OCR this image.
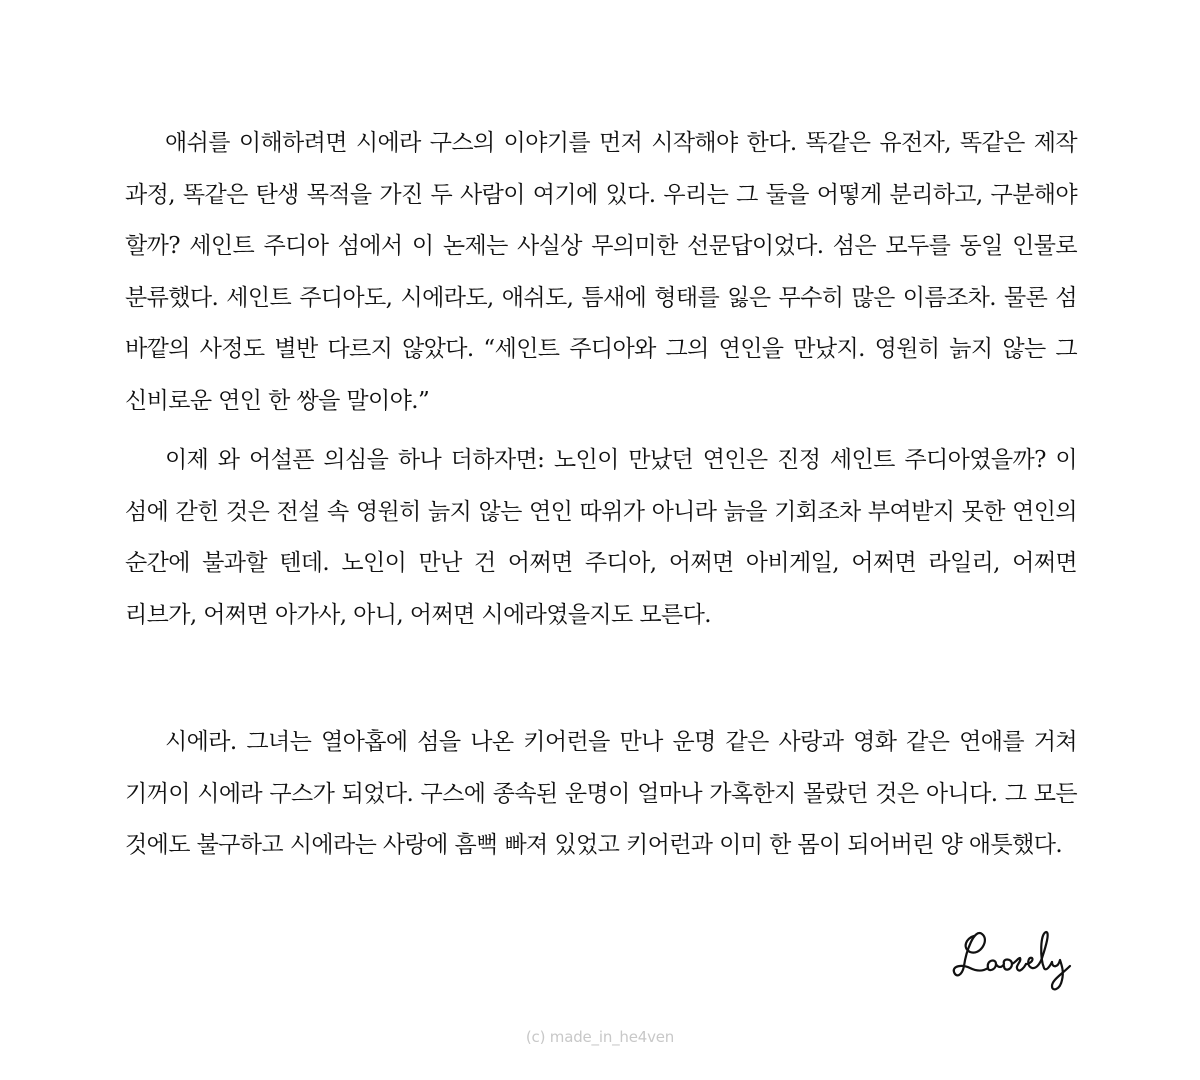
애쉬를 이해하려면 시에라 구스의 이야기를 먼저 시작해야 한다. 똑같은 유전자, 똑같은 제작 과정, 똑같은 탄생 목적을 가진 두 사람이 여기에 있다. 우리는 그 둘을 어떻게 분리하고, 구분해야 할까? 세인트 주디아 섬에서 이 논제는 사실상 무의미한 선문답이었다. 섬은 모두를 동일 인물로 분류했다. 세인트 주디아도, 시에라도, 애쉬도, 틈새에 형태를 잃은 무수히 많은 이름조차. 물론 섬 바깥의 사정도 별반 다르지 않았다. “세인트 주디아와 그의 연인을 만났지. 영원히 늙지 않는 그 신비로운 연인 한 쌍을 말이야.”

이제 와 어설픈 의심을 하나 더하자면: 노인이 만났던 연인은 진정 세인트 주디아였을까? 이 섬에 갇힌 것은 전설 속 영원히 늙지 않는 연인 따위가 아니라 늙을 기회조차 부여받지 못한 연인의 순간에 불과할 텐데. 노인이 만난 건 어쩌면 주디아, 어쩌면 아비게일, 어쩌면 라일리, 어쩌면 리브가, 어쩌면 아가사, 아니, 어쩌면 시에라였을지도 모른다.

시에라. 그녀는 열아홉에 섬을 나온 키어런을 만나 운명 같은 사랑과 영화 같은 연애를 거쳐 기꺼이 시에라 구스가 되었다. 구스에 종속된 운명이 얼마나 가혹한지 몰랐던 것은 아니다. 그 모든 것에도 불구하고 시에라는 사랑에 흠뻑 빠져 있었고 키어런과 이미 한 몸이 되어버린 양 애틋했다.

(c) made_in_he4ven
